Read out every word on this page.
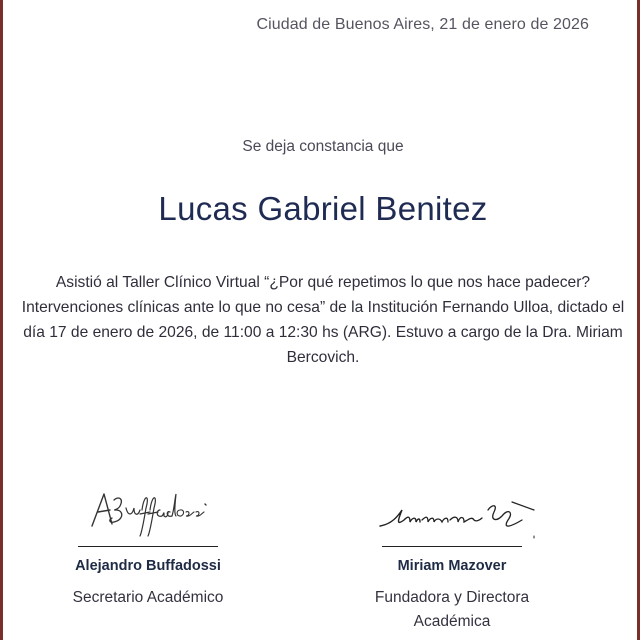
Ciudad de Buenos Aires, 21 de enero de 2026
Se deja constancia que
Lucas Gabriel Benitez
Asistió al Taller Clínico Virtual “¿Por qué repetimos lo que nos hace padecer? Intervenciones clínicas ante lo que no cesa” de la Institución Fernando Ulloa, dictado el día 17 de enero de 2026, de 11:00 a 12:30 hs (ARG). Estuvo a cargo de la Dra. Miriam Bercovich.
Alejandro Buffadossi
Secretario Académico
Miriam Mazover
Fundadora y Directora Académica
